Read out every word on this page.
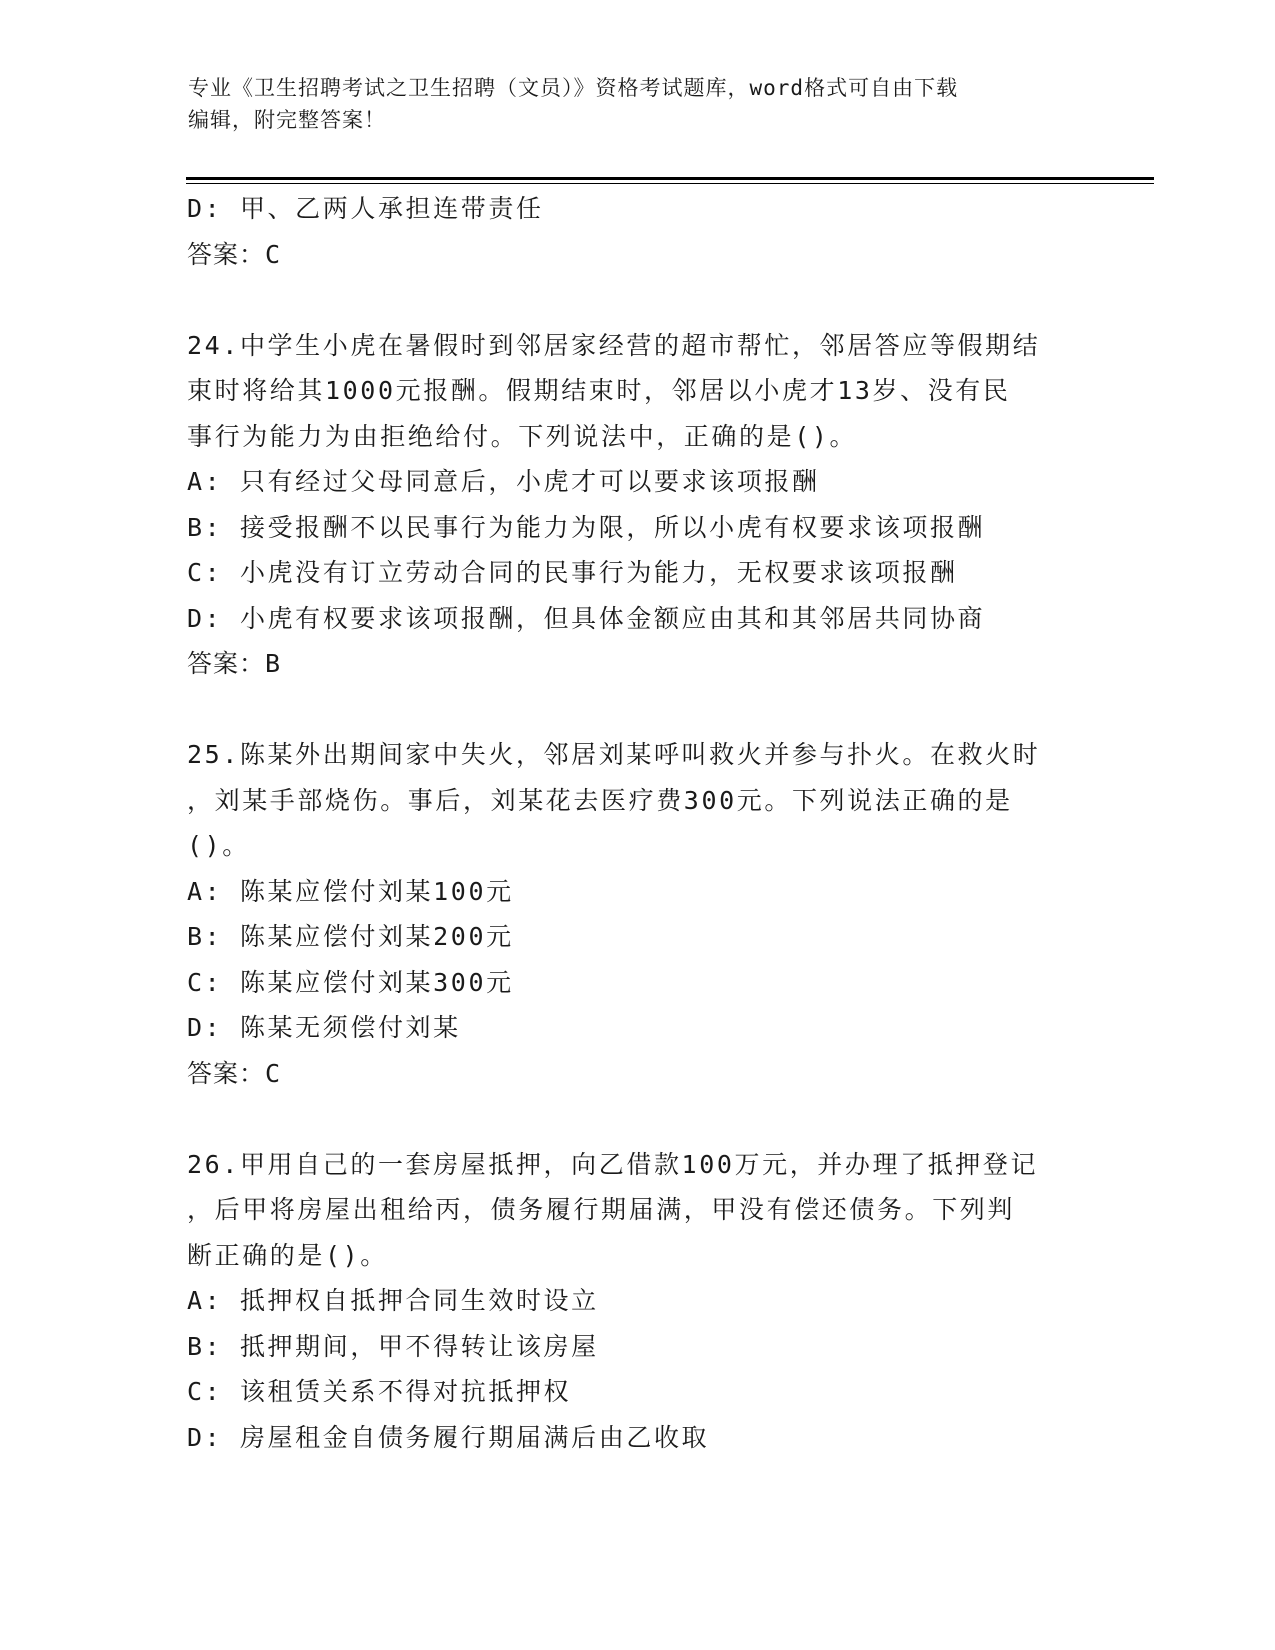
专业《卫生招聘考试之卫生招聘（文员）》资格考试题库，word格式可自由下载
编辑，附完整答案！
D: 甲、乙两人承担连带责任
答案：C
24.中学生小虎在暑假时到邻居家经营的超市帮忙，邻居答应等假期结
束时将给其1000元报酬。假期结束时，邻居以小虎才13岁、没有民
事行为能力为由拒绝给付。下列说法中，正确的是()。
A: 只有经过父母同意后，小虎才可以要求该项报酬
B: 接受报酬不以民事行为能力为限，所以小虎有权要求该项报酬
C: 小虎没有订立劳动合同的民事行为能力，无权要求该项报酬
D: 小虎有权要求该项报酬，但具体金额应由其和其邻居共同协商
答案：B
25.陈某外出期间家中失火，邻居刘某呼叫救火并参与扑火。在救火时
，刘某手部烧伤。事后，刘某花去医疗费300元。下列说法正确的是
()。
A: 陈某应偿付刘某100元
B: 陈某应偿付刘某200元
C: 陈某应偿付刘某300元
D: 陈某无须偿付刘某
答案：C
26.甲用自己的一套房屋抵押，向乙借款100万元，并办理了抵押登记
，后甲将房屋出租给丙，债务履行期届满，甲没有偿还债务。下列判
断正确的是()。
A: 抵押权自抵押合同生效时设立
B: 抵押期间，甲不得转让该房屋
C: 该租赁关系不得对抗抵押权
D: 房屋租金自债务履行期届满后由乙收取
